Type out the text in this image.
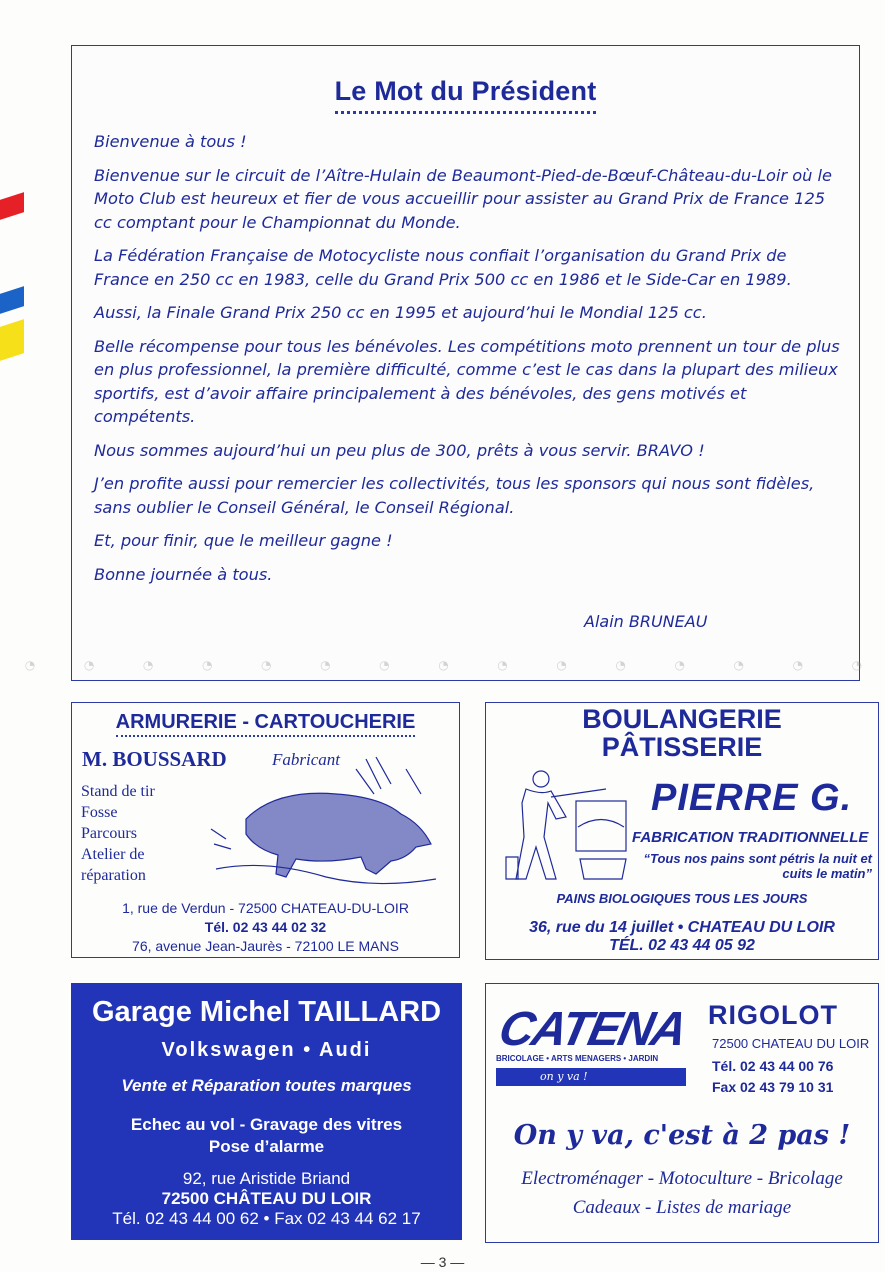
Le Mot du Président

Bienvenue à tous !

Bienvenue sur le circuit de l’Aître-Hulain de Beaumont-Pied-de-Bœuf-Château-du-Loir où le Moto Club est heureux et fier de vous accueillir pour assister au Grand Prix de France 125 cc comptant pour le Championnat du Monde.

La Fédération Française de Motocycliste nous confiait l’organisation du Grand Prix de France en 250 cc en 1983, celle du Grand Prix 500 cc en 1986 et le Side-Car en 1989.

Aussi, la Finale Grand Prix 250 cc en 1995 et aujourd’hui le Mondial 125 cc.

Belle récompense pour tous les bénévoles. Les compétitions moto prennent un tour de plus en plus professionnel, la première difficulté, comme c’est le cas dans la plupart des milieux sportifs, est d’avoir affaire principalement à des bénévoles, des gens motivés et compétents.

Nous sommes aujourd’hui un peu plus de 300, prêts à vous servir. BRAVO !

J’en profite aussi pour remercier les collectivités, tous les sponsors qui nous sont fidèles, sans oublier le Conseil Général, le Conseil Régional.

Et, pour finir, que le meilleur gagne !

Bonne journée à tous.

Alain BRUNEAU
◔	◔	◔	◔	◔	◔	◔	◔	◔	◔	◔	◔	◔	◔	◔
ARMURERIE - CARTOUCHERIE
M. BOUSSARD	Fabricant
Stand de tir
Fosse
Parcours
Atelier de
réparation
1, rue de Verdun - 72500 CHATEAU-DU-LOIR
Tél. 02 43 44 02 32
76, avenue Jean-Jaurès - 72100 LE MANS
BOULANGERIE
PÂTISSERIE
PIERRE G.
FABRICATION TRADITIONNELLE
“Tous nos pains sont pétris la nuit et cuits le matin”
PAINS BIOLOGIQUES TOUS LES JOURS
36, rue du 14 juillet • CHATEAU DU LOIR
TÉL. 02 43 44 05 92
Garage Michel TAILLARD
Volkswagen • Audi
Vente et Réparation toutes marques
Echec au vol - Gravage des vitres
Pose d’alarme
92, rue Aristide Briand
72500 CHÂTEAU DU LOIR
Tél. 02 43 44 00 62 • Fax 02 43 44 62 17
CATENA
BRICOLAGE • ARTS MENAGERS • JARDIN
on y va !
RIGOLOT
72500 CHATEAU DU LOIR
Tél. 02 43 44 00 76
Fax 02 43 79 10 31
On y va, c'est à 2 pas !
Electroménager - Motoculture - Bricolage
Cadeaux - Listes de mariage
— 3 —
